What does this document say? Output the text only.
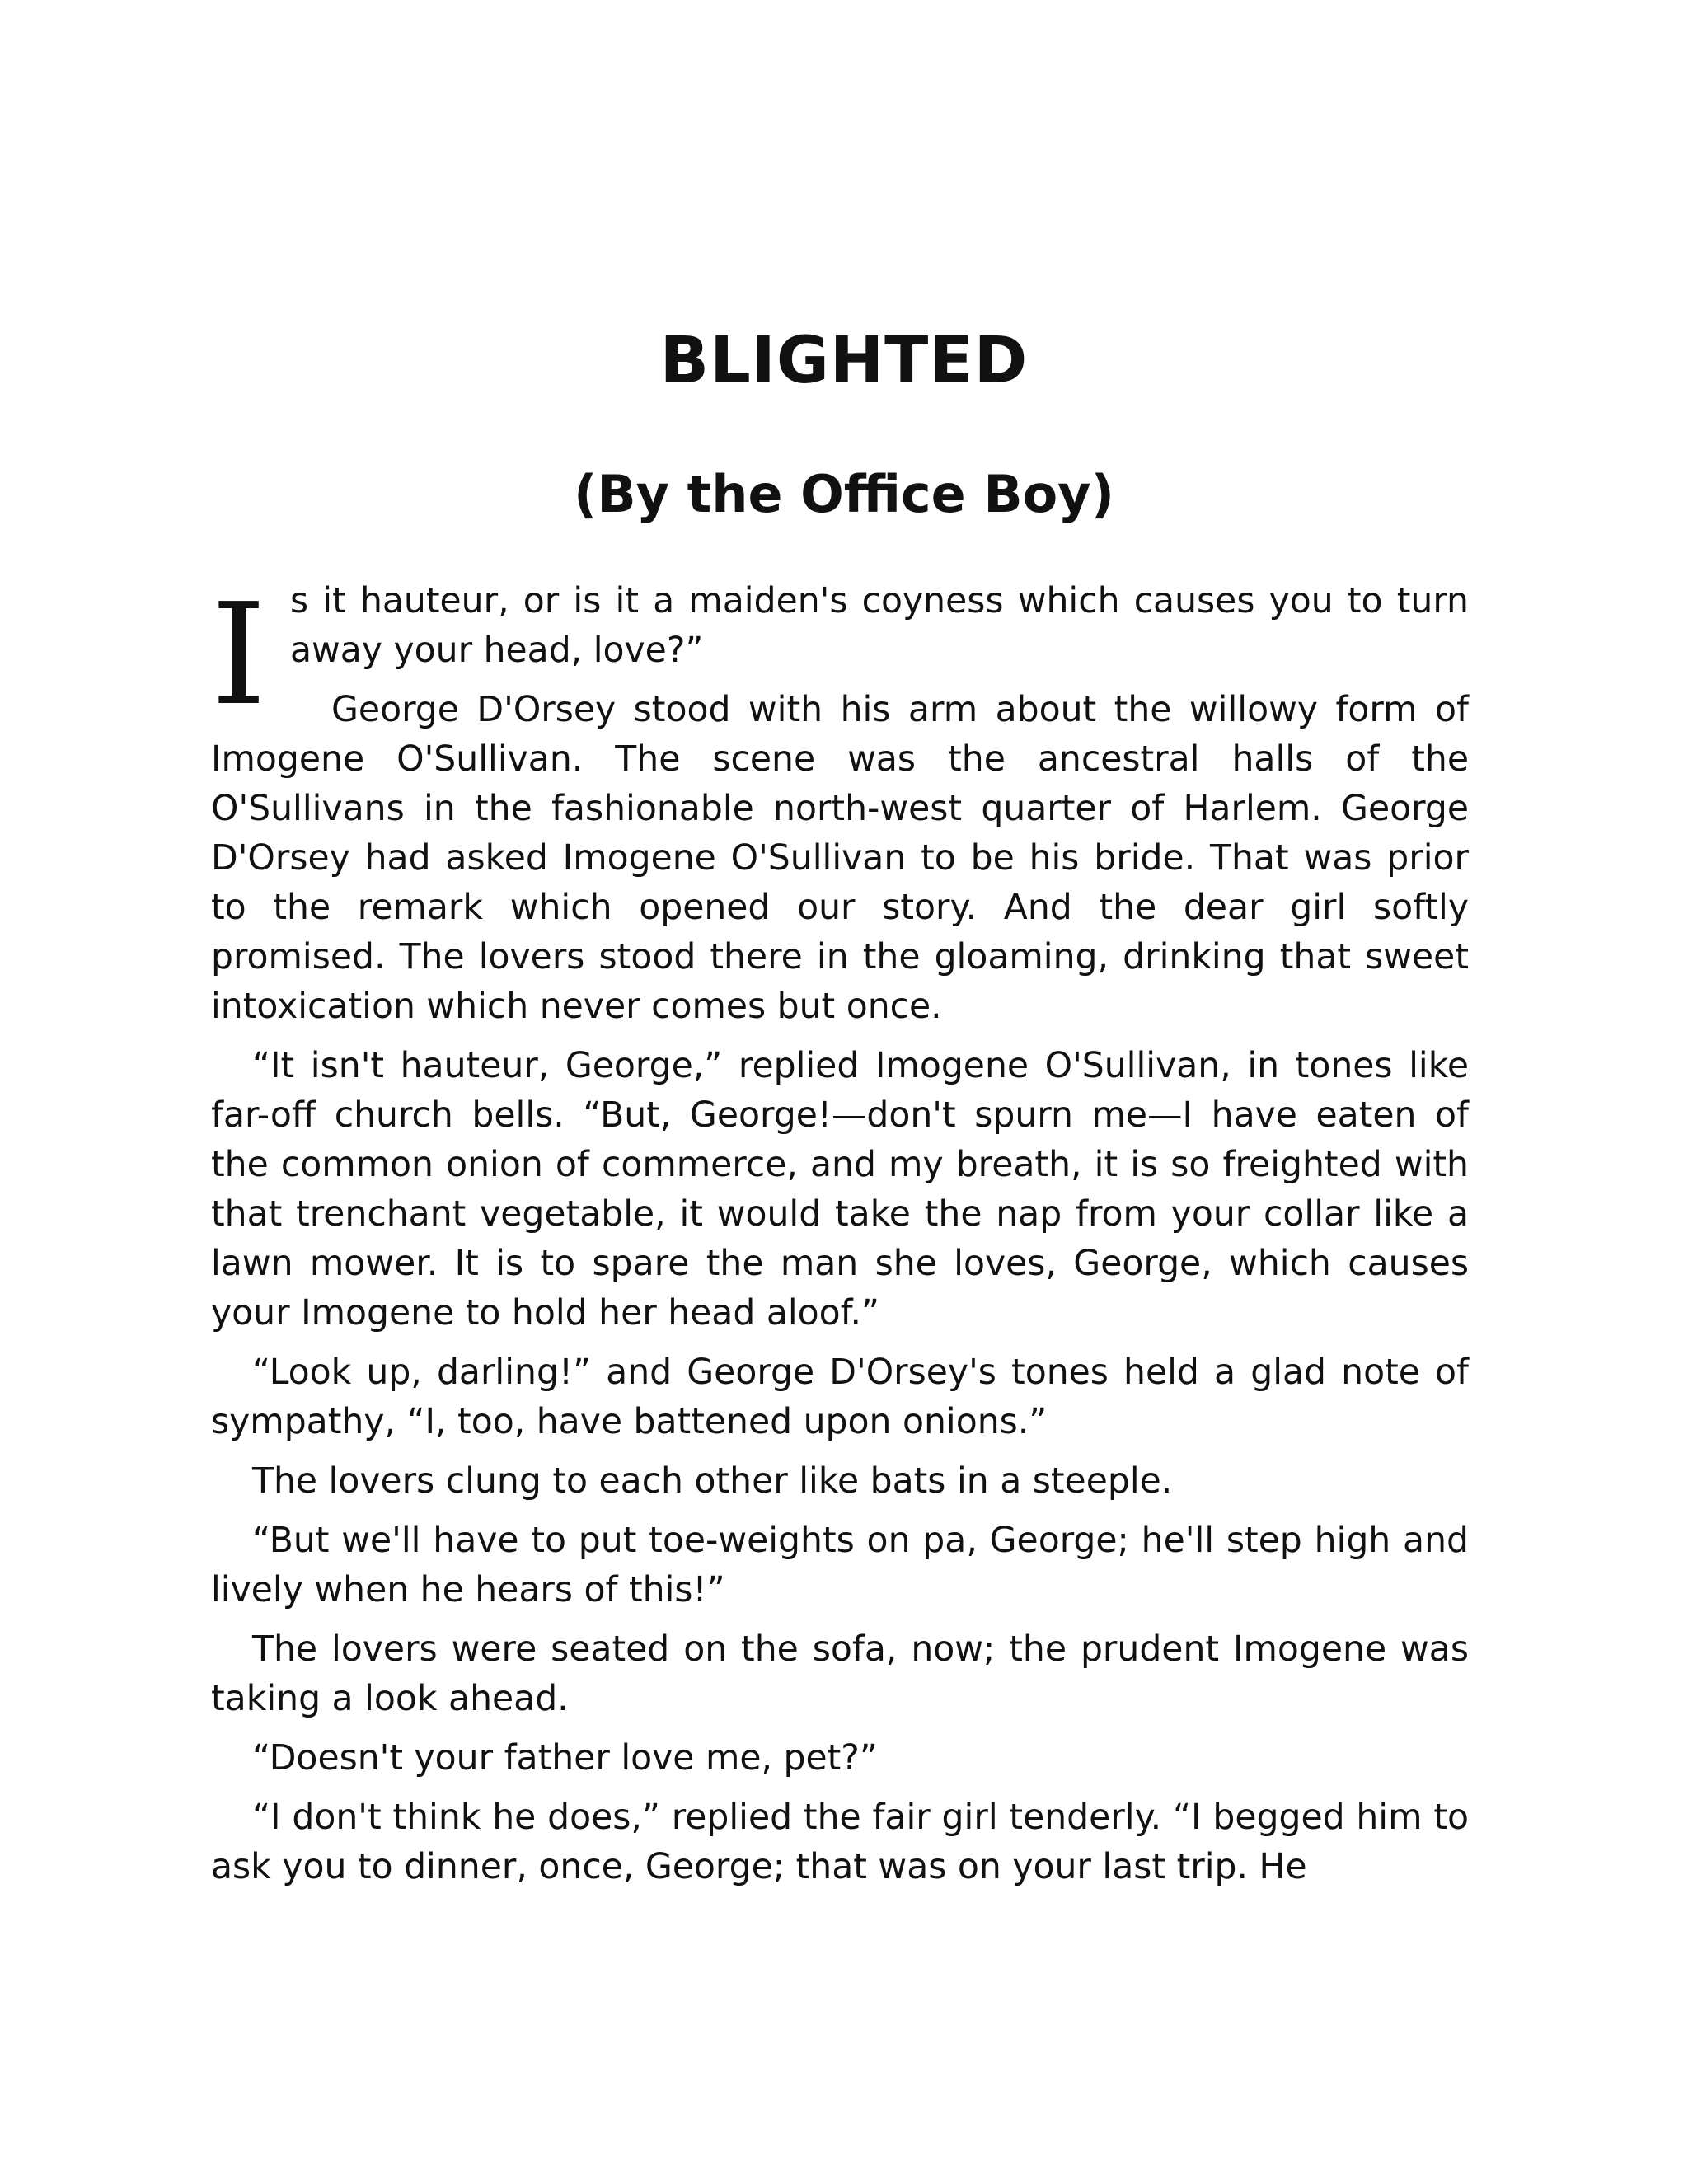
BLIGHTED
(By the Office Boy)

Is it hauteur, or is it a maiden's coyness which causes you to turn away your head, love?”

George D'Orsey stood with his arm about the willowy form of Imogene O'Sullivan. The scene was the ancestral halls of the O'Sullivans in the fashionable north-west quarter of Harlem. George D'Orsey had asked Imogene O'Sullivan to be his bride. That was prior to the remark which opened our story. And the dear girl softly promised. The lovers stood there in the gloaming, drinking that sweet intoxication which never comes but once.

“It isn't hauteur, George,” replied Imogene O'Sullivan, in tones like far-off church bells. “But, George!—don't spurn me—I have eaten of the common onion of commerce, and my breath, it is so freighted with that trenchant vegetable, it would take the nap from your collar like a lawn mower. It is to spare the man she loves, George, which causes your Imogene to hold her head aloof.”

“Look up, darling!” and George D'Orsey's tones held a glad note of sympathy, “I, too, have battened upon onions.”

The lovers clung to each other like bats in a steeple.

“But we'll have to put toe-weights on pa, George; he'll step high and lively when he hears of this!”

The lovers were seated on the sofa, now; the prudent Imogene was taking a look ahead.

“Doesn't your father love me, pet?”

“I don't think he does,” replied the fair girl tenderly. “I begged him to ask you to dinner, once, George; that was on your last trip. He
